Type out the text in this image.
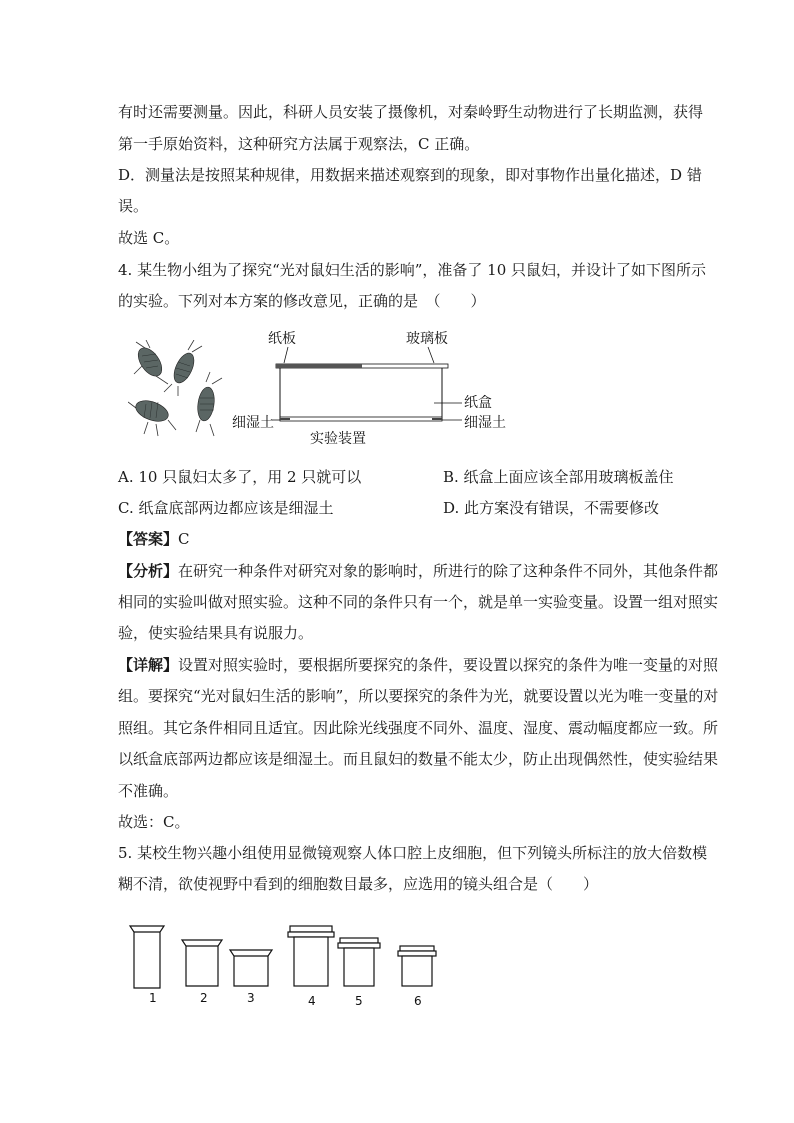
有时还需要测量。因此，科研人员安装了摄像机，对秦岭野生动物进行了长期监测，获得
第一手原始资料，这种研究方法属于观察法，C 正确。
D．测量法是按照某种规律，用数据来描述观察到的现象，即对事物作出量化描述，D 错
误。
故选 C。
4. 某生物小组为了探究“光对鼠妇生活的影响”，准备了 10 只鼠妇，并设计了如下图所示
的实验。下列对本方案的修改意见，正确的是　（　　）
纸板	玻璃板
纸盒
细湿土	细湿土
实验装置
A. 10 只鼠妇太多了，用 2 只就可以	B. 纸盒上面应该全部用玻璃板盖住
C. 纸盒底部两边都应该是细湿土	D. 此方案没有错误，不需要修改
【答案】C
【分析】在研究一种条件对研究对象的影响时，所进行的除了这种条件不同外，其他条件都
相同的实验叫做对照实验。这种不同的条件只有一个，就是单一实验变量。设置一组对照实
验，使实验结果具有说服力。
【详解】设置对照实验时，要根据所要探究的条件，要设置以探究的条件为唯一变量的对照
组。要探究“光对鼠妇生活的影响”，所以要探究的条件为光，就要设置以光为唯一变量的对
照组。其它条件相同且适宜。因此除光线强度不同外、温度、湿度、震动幅度都应一致。所
以纸盒底部两边都应该是细湿土。而且鼠妇的数量不能太少，防止出现偶然性，使实验结果
不准确。
故选：C。
5. 某校生物兴趣小组使用显微镜观察人体口腔上皮细胞，但下列镜头所标注的放大倍数模
糊不清，欲使视野中看到的细胞数目最多，应选用的镜头组合是（　　）
1	2	3	4	5	6
